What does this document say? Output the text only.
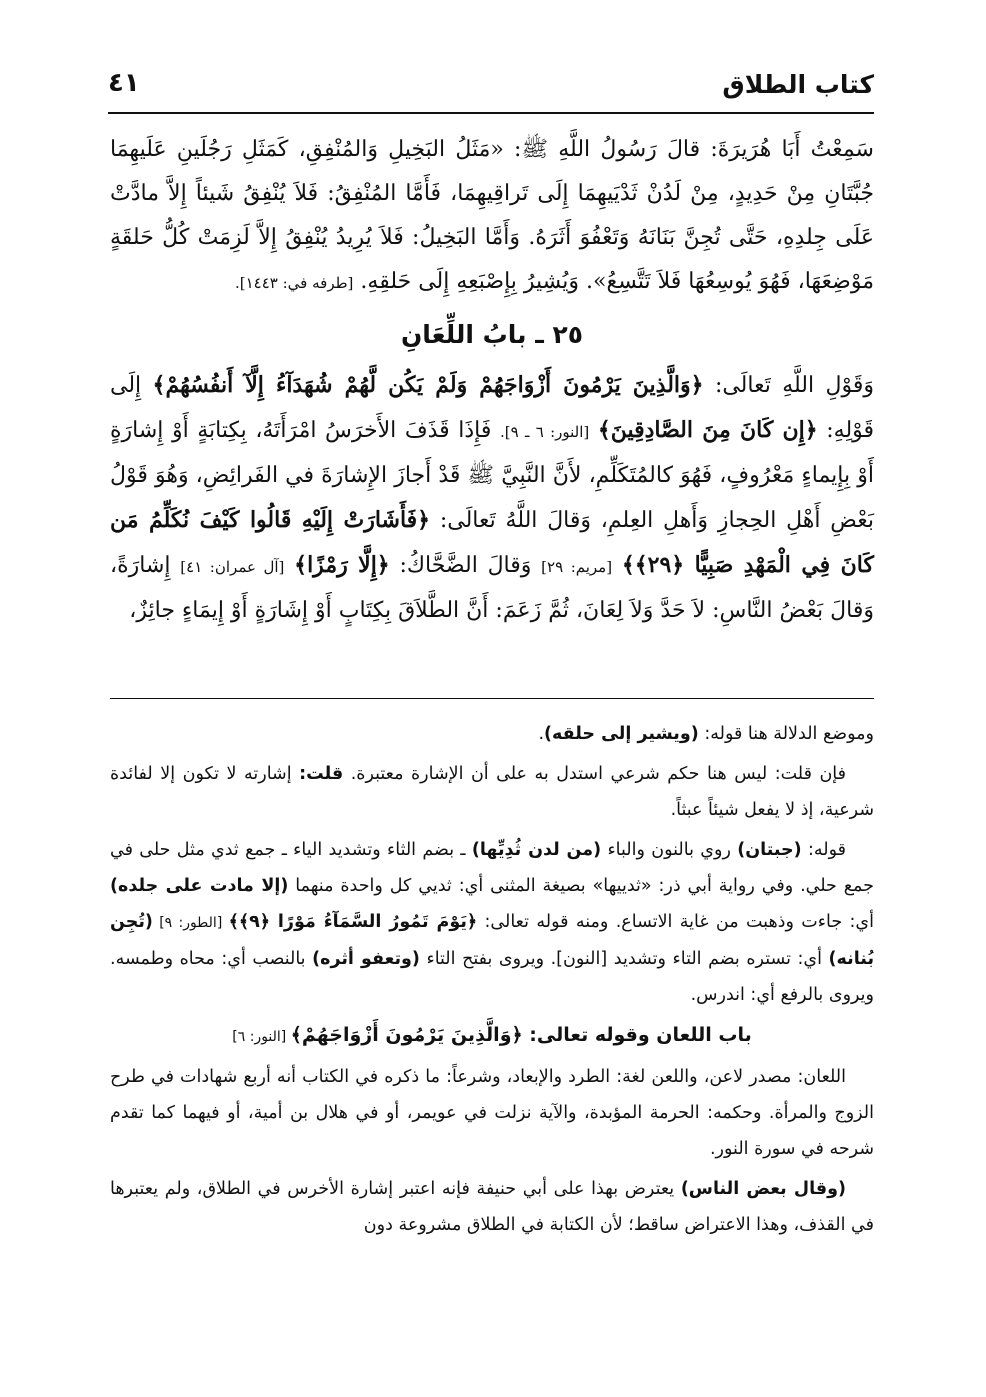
كتاب الطلاق
٤١

سَمِعْتُ أَبَا هُرَيرَةَ: قالَ رَسُولُ اللَّهِ ﷺ: «مَثَلُ البَخِيلِ وَالمُنْفِقِ، كَمَثَلِ رَجُلَينِ عَلَيهِمَا جُبَّتَانِ مِنْ حَدِيدٍ، مِنْ لَدُنْ ثَدْيَيهِمَا إِلَى تَراقِيهِمَا، فَأَمَّا المُنْفِقُ: فَلاَ يُنْفِقُ شَيئاً إِلاَّ مادَّتْ عَلَى جِلدِهِ، حَتَّى تُجِنَّ بَنَانَهُ وَتَعْفُوَ أَثَرَهُ. وَأَمَّا البَخِيلُ: فَلاَ يُرِيدُ يُنْفِقُ إِلاَّ لَزِمَتْ كُلُّ حَلقَةٍ مَوْضِعَهَا، فَهُوَ يُوسِعُهَا فَلاَ تَتَّسِعُ». وَيُشِيرُ بِإِصْبَعِهِ إِلَى حَلقِهِ. [طرفه في: ١٤٤٣].

٢٥ ـ بابُ اللِّعَانِ

وَقَوْلِ اللَّهِ تَعالَى: ﴿وَالَّذِينَ يَرْمُونَ أَزْوَاجَهُمْ وَلَمْ يَكُن لَّهُمْ شُهَدَآءُ إِلَّآ أَنفُسُهُمْ﴾ إِلَى قَوْلِهِ: ﴿إِن كَانَ مِنَ الصَّادِقِينَ﴾ [النور: ٦ ـ ٩]. فَإِذَا قَذَفَ الأَخرَسُ امْرَأَتَهُ، بِكِتابَةٍ أَوْ إِشارَةٍ أَوْ بِإِيماءٍ مَعْرُوفٍ، فَهُوَ كالمُتَكَلِّمِ، لأَنَّ النَّبِيَّ ﷺ قَدْ أَجازَ الإِشارَةَ في الفَرائِضِ، وَهُوَ قَوْلُ بَعْضِ أَهْلِ الحِجازِ وَأَهلِ العِلمِ، وَقالَ اللَّهُ تَعالَى: ﴿فَأَشَارَتْ إِلَيْهِ قَالُوا كَيْفَ نُكَلِّمُ مَن كَانَ فِي الْمَهْدِ صَبِيًّا ﴿٢٩﴾﴾ [مريم: ٢٩] وَقالَ الضَّحَّاكُ: ﴿إِلَّا رَمْزًا﴾ [آل عمران: ٤١] إِشارَةً، وَقالَ بَعْضُ النَّاسِ: لاَ حَدَّ وَلاَ لِعَانَ، ثُمَّ زَعَمَ: أَنَّ الطَّلاَقَ بِكِتَابٍ أَوْ إِشَارَةٍ أَوْ إِيمَاءٍ جائِزٌ،

وموضع الدلالة هنا قوله: (ويشير إلى حلقه).

فإن قلت: ليس هنا حكم شرعي استدل به على أن الإشارة معتبرة. قلت: إشارته لا تكون إلا لفائدة شرعية، إذ لا يفعل شيئاً عبثاً.

قوله: (جبتان) روي بالنون والباء (من لدن ثُدِيِّها) ـ بضم الثاء وتشديد الياء ـ جمع ثدي مثل حلى في جمع حلي. وفي رواية أبي ذر: «ثدييها» بصيغة المثنى أي: ثديي كل واحدة منهما (إلا مادت على جلده) أي: جاءت وذهبت من غاية الاتساع. ومنه قوله تعالى: ﴿يَوْمَ تَمُورُ السَّمَآءُ مَوْرًا ﴿٩﴾﴾ [الطور: ٩] (تُجِن بُنانه) أي: تستره بضم التاء وتشديد [النون]. ويروى بفتح التاء (وتعفو أثره) بالنصب أي: محاه وطمسه. ويروى بالرفع أي: اندرس.

باب اللعان وقوله تعالى: ﴿وَالَّذِينَ يَرْمُونَ أَزْوَاجَهُمْ﴾ [النور: ٦]

اللعان: مصدر لاعن، واللعن لغة: الطرد والإبعاد، وشرعاً: ما ذكره في الكتاب أنه أربع شهادات في طرح الزوج والمرأة. وحكمه: الحرمة المؤبدة، والآية نزلت في عويمر، أو في هلال بن أمية، أو فيهما كما تقدم شرحه في سورة النور.

(وقال بعض الناس) يعترض بهذا على أبي حنيفة فإنه اعتبر إشارة الأخرس في الطلاق، ولم يعتبرها في القذف، وهذا الاعتراض ساقط؛ لأن الكتابة في الطلاق مشروعة دون
